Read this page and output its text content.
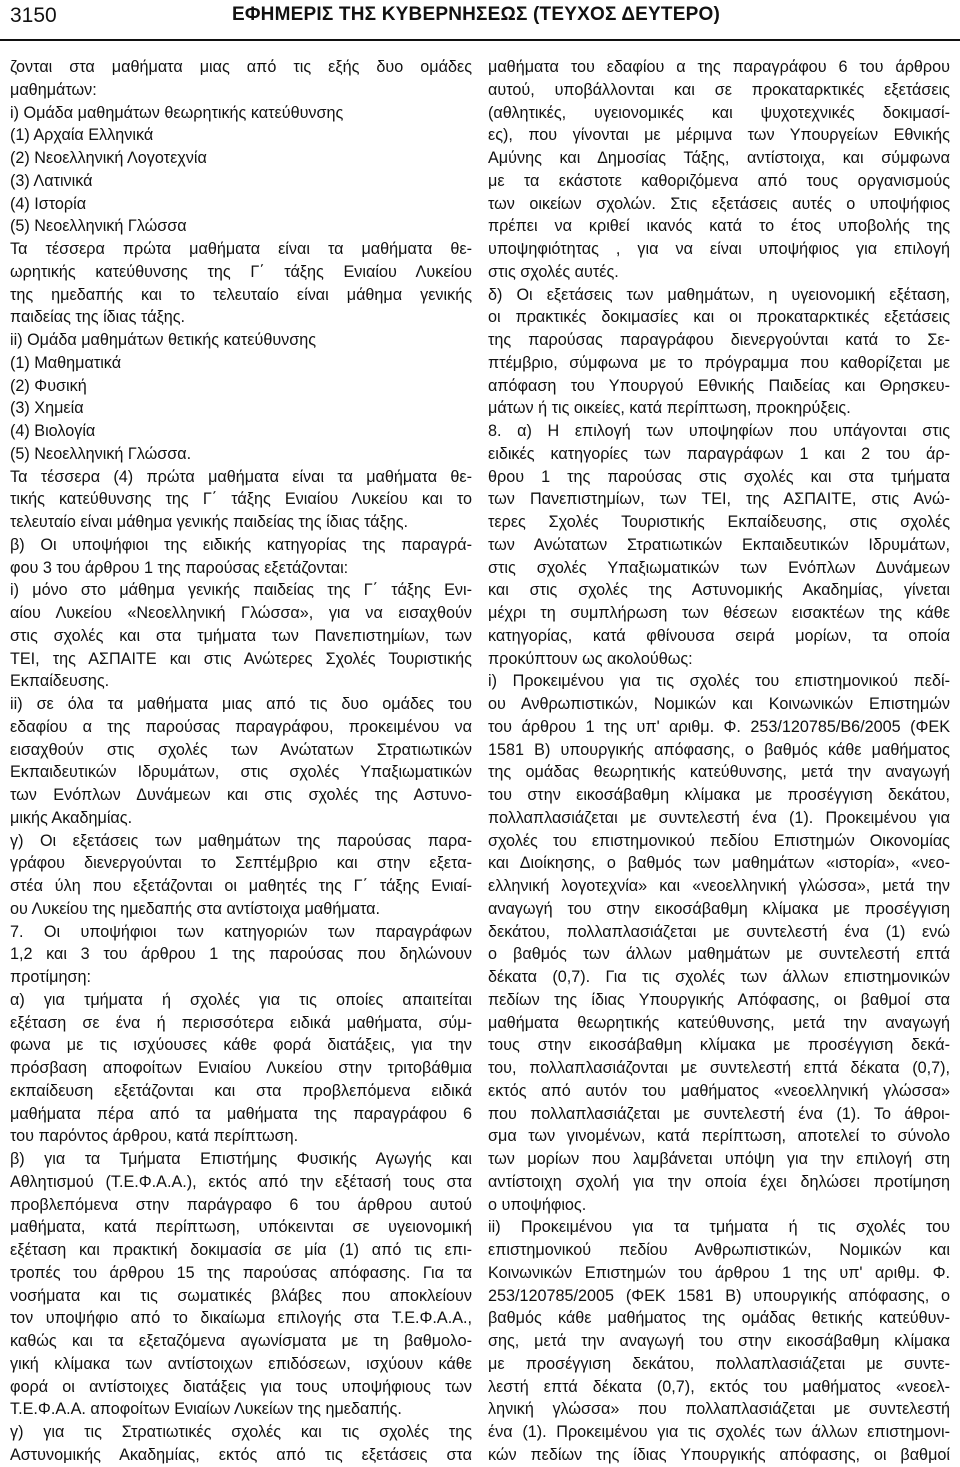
3150	ΕΦΗΜΕΡΙΣ ΤΗΣ ΚΥΒΕΡΝΗΣΕΩΣ (ΤΕΥΧΟΣ ΔΕΥΤΕΡΟ)
ζονται στα μαθήματα μιας από τις εξής δυο ομάδες
μαθημάτων:
i) Ομάδα μαθημάτων θεωρητικής κατεύθυνσης
(1) Αρχαία Ελληνικά
(2) Νεοελληνική Λογοτεχνία
(3) Λατινικά
(4) Ιστορία
(5) Νεοελληνική Γλώσσα
Τα τέσσερα πρώτα μαθήματα είναι τα μαθήματα θε-
ωρητικής κατεύθυνσης της Γ΄ τάξης Ενιαίου Λυκείου
της ημεδαπής και το τελευταίο είναι μάθημα γενικής
παιδείας της ίδιας τάξης.
ii) Ομάδα μαθημάτων θετικής κατεύθυνσης
(1) Μαθηματικά
(2) Φυσική
(3) Χημεία
(4) Βιολογία
(5) Νεοελληνική Γλώσσα.
Τα τέσσερα (4) πρώτα μαθήματα είναι τα μαθήματα θε-
τικής κατεύθυνσης της Γ΄ τάξης Ενιαίου Λυκείου και το
τελευταίο είναι μάθημα γενικής παιδείας της ίδιας τάξης.
β) Οι υποψήφιοι της ειδικής κατηγορίας της παραγρά-
φου 3 του άρθρου 1 της παρούσας εξετάζονται:
i) μόνο στο μάθημα γενικής παιδείας της Γ΄ τάξης Ενι-
αίου Λυκείου «Νεοελληνική Γλώσσα», για να εισαχθούν
στις σχολές και στα τμήματα των Πανεπιστημίων, των
ΤΕΙ, της ΑΣΠΑΙΤΕ και στις Ανώτερες Σχολές Τουριστικής
Εκπαίδευσης.
ii) σε όλα τα μαθήματα μιας από τις δυο ομάδες του
εδαφίου α της παρούσας παραγράφου, προκειμένου να
εισαχθούν στις σχολές των Ανώτατων Στρατιωτικών
Εκπαιδευτικών Ιδρυμάτων, στις σχολές Υπαξιωματικών
των Ενόπλων Δυνάμεων και στις σχολές της Αστυνο-
μικής Ακαδημίας.
γ) Οι εξετάσεις των μαθημάτων της παρούσας παρα-
γράφου διενεργούνται το Σεπτέμβριο και στην εξετα-
στέα ύλη που εξετάζονται οι μαθητές της Γ΄ τάξης Ενιαί-
ου Λυκείου της ημεδαπής στα αντίστοιχα μαθήματα.
7. Οι υποψήφιοι των κατηγοριών των παραγράφων
1,2 και 3 του άρθρου 1 της παρούσας που δηλώνουν
προτίμηση:
α) για τμήματα ή σχολές για τις οποίες απαιτείται
εξέταση σε ένα ή περισσότερα ειδικά μαθήματα, σύμ-
φωνα με τις ισχύουσες κάθε φορά διατάξεις, για την
πρόσβαση αποφοίτων Ενιαίου Λυκείου στην τριτοβάθμια
εκπαίδευση εξετάζονται και στα προβλεπόμενα ειδικά
μαθήματα πέρα από τα μαθήματα της παραγράφου 6
του παρόντος άρθρου, κατά περίπτωση.
β) για τα Τμήματα Επιστήμης Φυσικής Αγωγής και
Αθλητισμού (Τ.Ε.Φ.Α.Α.), εκτός από την εξέτασή τους στα
προβλεπόμενα στην παράγραφο 6 του άρθρου αυτού
μαθήματα, κατά περίπτωση, υπόκεινται σε υγειονομική
εξέταση και πρακτική δοκιμασία σε μία (1) από τις επι-
τροπές του άρθρου 15 της παρούσας απόφασης. Για τα
νοσήματα και τις σωματικές βλάβες που αποκλείουν
τον υποψήφιο από το δικαίωμα επιλογής στα Τ.Ε.Φ.Α.Α.,
καθώς και τα εξεταζόμενα αγωνίσματα με τη βαθμολο-
γική κλίμακα των αντίστοιχων επιδόσεων, ισχύουν κάθε
φορά οι αντίστοιχες διατάξεις για τους υποψήφιους των
Τ.Ε.Φ.Α.Α. αποφοίτων Ενιαίων Λυκείων της ημεδαπής.
γ) για τις Στρατιωτικές σχολές και τις σχολές της
Αστυνομικής Ακαδημίας, εκτός από τις εξετάσεις στα
μαθήματα του εδαφίου α της παραγράφου 6 του άρθρου
αυτού, υποβάλλονται και σε προκαταρκτικές εξετάσεις
(αθλητικές, υγειονομικές και ψυχοτεχνικές δοκιμασί-
ες), που γίνονται με μέριμνα των Υπουργείων Εθνικής
Αμύνης και Δημοσίας Τάξης, αντίστοιχα, και σύμφωνα
με τα εκάστοτε καθοριζόμενα από τους οργανισμούς
των οικείων σχολών. Στις εξετάσεις αυτές ο υποψήφιος
πρέπει να κριθεί ικανός κατά το έτος υποβολής της
υποψηφιότητας , για να είναι υποψήφιος για επιλογή
στις σχολές αυτές.
δ) Οι εξετάσεις των μαθημάτων, η υγειονομική εξέταση,
οι πρακτικές δοκιμασίες και οι προκαταρκτικές εξετάσεις
της παρούσας παραγράφου διενεργούνται κατά το Σε-
πτέμβριο, σύμφωνα με το πρόγραμμα που καθορίζεται με
απόφαση του Υπουργού Εθνικής Παιδείας και Θρησκευ-
μάτων ή τις οικείες, κατά περίπτωση, προκηρύξεις.
8. α) Η επιλογή των υποψηφίων που υπάγονται στις
ειδικές κατηγορίες των παραγράφων 1 και 2 του άρ-
θρου 1 της παρούσας στις σχολές και στα τμήματα
των Πανεπιστημίων, των ΤΕΙ, της ΑΣΠΑΙΤΕ, στις Ανώ-
τερες Σχολές Τουριστικής Εκπαίδευσης, στις σχολές
των Ανώτατων Στρατιωτικών Εκπαιδευτικών Ιδρυμάτων,
στις σχολές Υπαξιωματικών των Ενόπλων Δυνάμεων
και στις σχολές της Αστυνομικής Ακαδημίας, γίνεται
μέχρι τη συμπλήρωση των θέσεων εισακτέων της κάθε
κατηγορίας, κατά φθίνουσα σειρά μορίων, τα οποία
προκύπτουν ως ακολούθως:
i) Προκειμένου για τις σχολές του επιστημονικού πεδί-
ου Ανθρωπιστικών, Νομικών και Κοινωνικών Επιστημών
του άρθρου 1 της υπ' αριθμ. Φ. 253/120785/Β6/2005 (ΦΕΚ
1581 Β) υπουργικής απόφασης, ο βαθμός κάθε μαθήματος
της ομάδας θεωρητικής κατεύθυνσης, μετά την αναγωγή
του στην εικοσάβαθμη κλίμακα με προσέγγιση δεκάτου,
πολλαπλασιάζεται με συντελεστή ένα (1). Προκειμένου για
σχολές του επιστημονικού πεδίου Επιστημών Οικονομίας
και Διοίκησης, ο βαθμός των μαθημάτων «ιστορία», «νεο-
ελληνική λογοτεχνία» και «νεοελληνική γλώσσα», μετά την
αναγωγή του στην εικοσάβαθμη κλίμακα με προσέγγιση
δεκάτου, πολλαπλασιάζεται με συντελεστή ένα (1) ενώ
ο βαθμός των άλλων μαθημάτων με συντελεστή επτά
δέκατα (0,7). Για τις σχολές των άλλων επιστημονικών
πεδίων της ίδιας Υπουργικής Απόφασης, οι βαθμοί στα
μαθήματα θεωρητικής κατεύθυνσης, μετά την αναγωγή
τους στην εικοσάβαθμη κλίμακα με προσέγγιση δεκά-
του, πολλαπλασιάζονται με συντελεστή επτά δέκατα (0,7),
εκτός από αυτόν του μαθήματος «νεοελληνική γλώσσα»
που πολλαπλασιάζεται με συντελεστή ένα (1). Το άθροι-
σμα των γινομένων, κατά περίπτωση, αποτελεί το σύνολο
των μορίων που λαμβάνεται υπόψη για την επιλογή στη
αντίστοιχη σχολή για την οποία έχει δηλώσει προτίμηση
ο υποψήφιος.
ii) Προκειμένου για τα τμήματα ή τις σχολές του
επιστημονικού πεδίου Ανθρωπιστικών, Νομικών και
Κοινωνικών Επιστημών του άρθρου 1 της υπ' αριθμ. Φ.
253/120785/2005 (ΦΕΚ 1581 Β) υπουργικής απόφασης, ο
βαθμός κάθε μαθήματος της ομάδας θετικής κατεύθυν-
σης, μετά την αναγωγή του στην εικοσάβαθμη κλίμακα
με προσέγγιση δεκάτου, πολλαπλασιάζεται με συντε-
λεστή επτά δέκατα (0,7), εκτός του μαθήματος «νεοελ-
ληνική γλώσσα» που πολλαπλασιάζεται με συντελεστή
ένα (1). Προκειμένου για τις σχολές των άλλων επιστημονι-
κών πεδίων της ίδιας Υπουργικής απόφασης, οι βαθμοί
